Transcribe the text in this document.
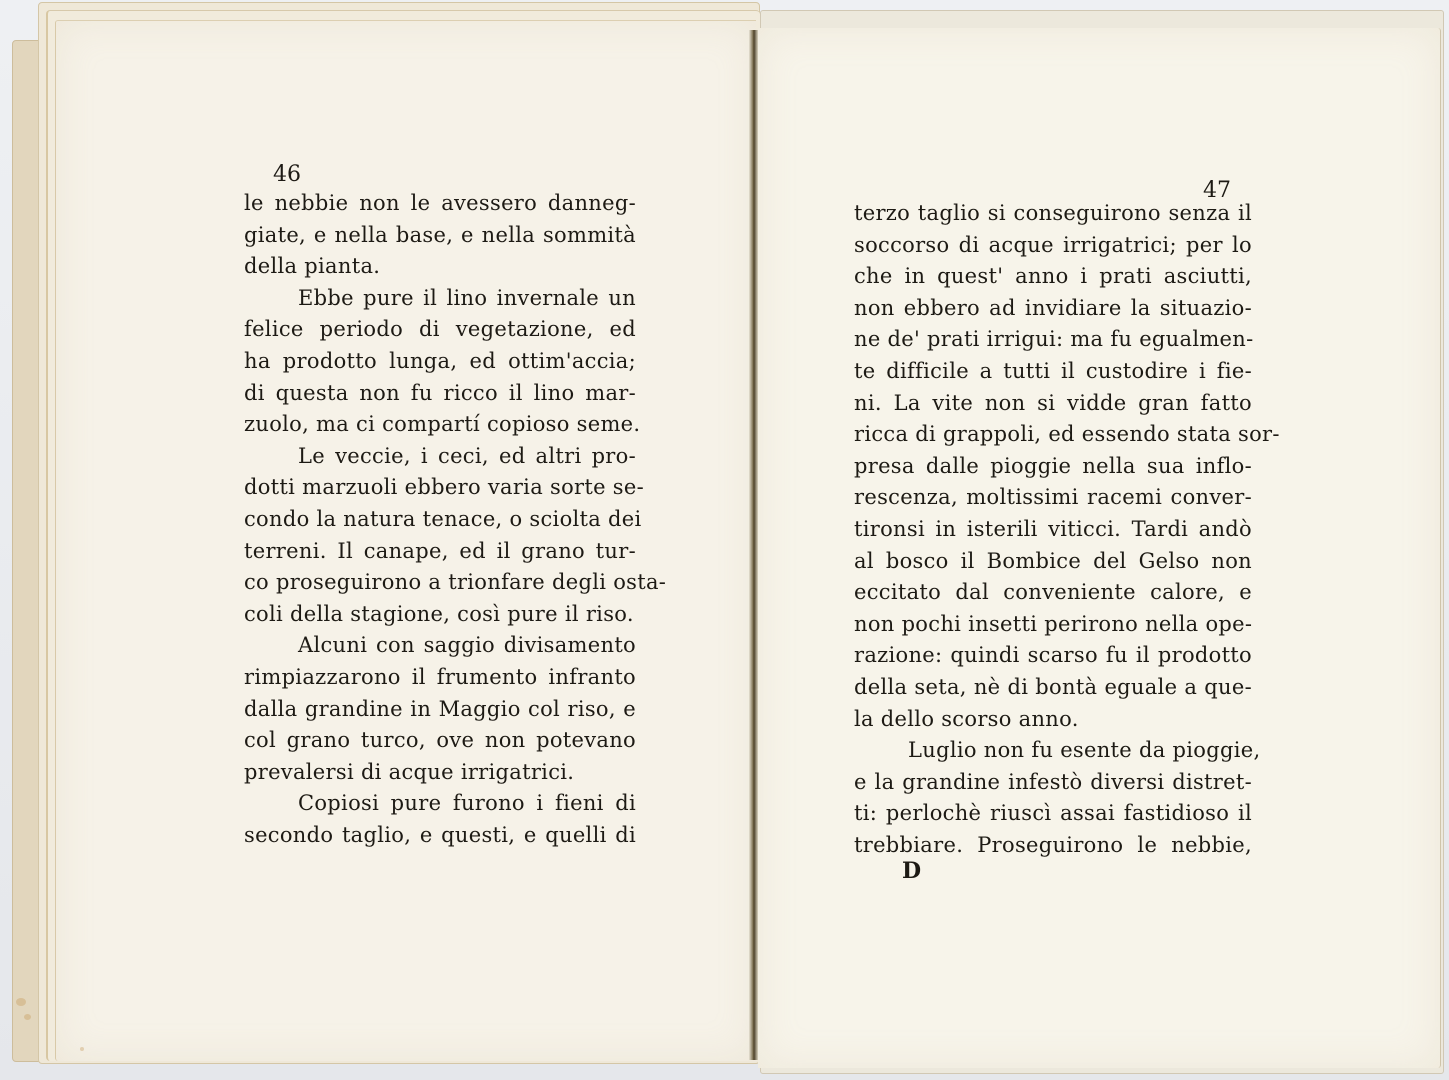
46
47
le nebbie non le avessero danneg-
giate, e nella base, e nella sommità
della pianta.
Ebbe pure il lino invernale un
felice periodo di vegetazione, ed
ha prodotto lunga, ed ottim'accia;
di questa non fu ricco il lino mar-
zuolo, ma ci compartí copioso seme.
Le veccie, i ceci, ed altri pro-
dotti marzuoli ebbero varia sorte se-
condo la natura tenace, o sciolta dei
terreni. Il canape, ed il grano tur-
co proseguirono a trionfare degli osta-
coli della stagione, così pure il riso.
Alcuni con saggio divisamento
rimpiazzarono il frumento infranto
dalla grandine in Maggio col riso, e
col grano turco, ove non potevano
prevalersi di acque irrigatrici.
Copiosi pure furono i fieni di
secondo taglio, e questi, e quelli di
terzo taglio si conseguirono senza il
soccorso di acque irrigatrici; per lo
che in quest' anno i prati asciutti,
non ebbero ad invidiare la situazio-
ne de' prati irrigui: ma fu egualmen-
te difficile a tutti il custodire i fie-
ni. La vite non si vidde gran fatto
ricca di grappoli, ed essendo stata sor-
presa dalle pioggie nella sua inflo-
rescenza, moltissimi racemi conver-
tironsi in isterili viticci. Tardi andò
al bosco il Bombice del Gelso non
eccitato dal conveniente calore, e
non pochi insetti perirono nella ope-
razione: quindi scarso fu il prodotto
della seta, nè di bontà eguale a que-
la dello scorso anno.
Luglio non fu esente da pioggie,
e la grandine infestò diversi distret-
ti: perlochè riuscì assai fastidioso il
trebbiare. Proseguirono le nebbie,
D
